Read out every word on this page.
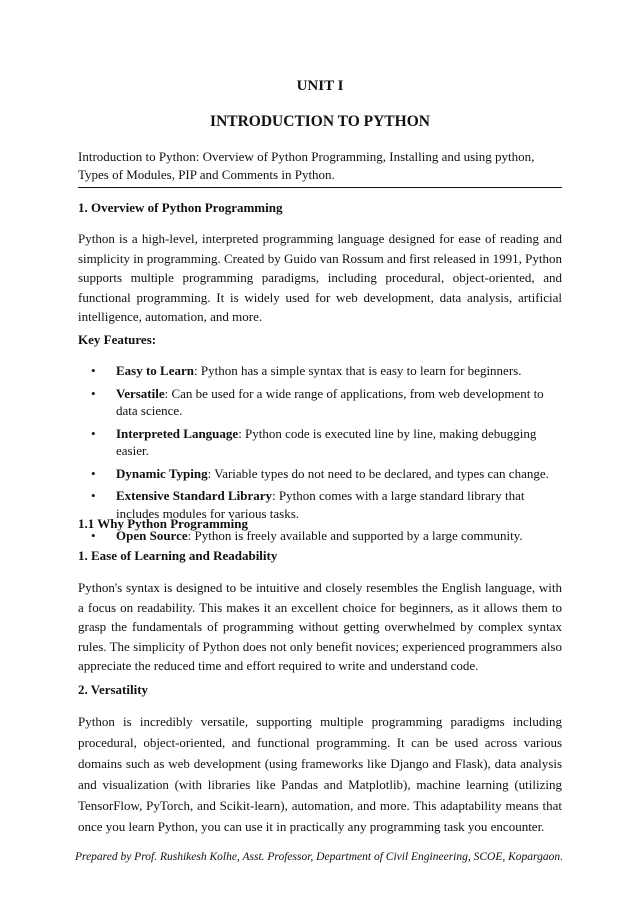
UNIT I
INTRODUCTION TO PYTHON
Introduction to Python: Overview of Python Programming, Installing and using python, Types of Modules, PIP and Comments in Python.
1. Overview of Python Programming
Python is a high-level, interpreted programming language designed for ease of reading and simplicity in programming. Created by Guido van Rossum and first released in 1991, Python supports multiple programming paradigms, including procedural, object-oriented, and functional programming. It is widely used for web development, data analysis, artificial intelligence, automation, and more.
Key Features:
• Easy to Learn: Python has a simple syntax that is easy to learn for beginners.
• Versatile: Can be used for a wide range of applications, from web development to data science.
• Interpreted Language: Python code is executed line by line, making debugging easier.
• Dynamic Typing: Variable types do not need to be declared, and types can change.
• Extensive Standard Library: Python comes with a large standard library that includes modules for various tasks.
• Open Source: Python is freely available and supported by a large community.
1.1 Why Python Programming
1. Ease of Learning and Readability
Python's syntax is designed to be intuitive and closely resembles the English language, with a focus on readability. This makes it an excellent choice for beginners, as it allows them to grasp the fundamentals of programming without getting overwhelmed by complex syntax rules. The simplicity of Python does not only benefit novices; experienced programmers also appreciate the reduced time and effort required to write and understand code.
2. Versatility
Python is incredibly versatile, supporting multiple programming paradigms including procedural, object-oriented, and functional programming. It can be used across various domains such as web development (using frameworks like Django and Flask), data analysis and visualization (with libraries like Pandas and Matplotlib), machine learning (utilizing TensorFlow, PyTorch, and Scikit-learn), automation, and more. This adaptability means that once you learn Python, you can use it in practically any programming task you encounter.
Prepared by Prof. Rushikesh Kolhe, Asst. Professor, Department of Civil Engineering, SCOE, Kopargaon.
